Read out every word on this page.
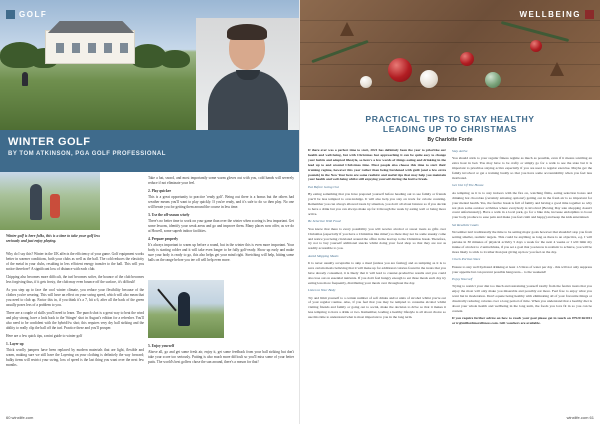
GOLF
WINTER GOLF
BY TOM ATKINSON, PGA GOLF PROFESSIONAL

Winter golf is here folks, this is a time to take your golf less seriously and just enjoy playing.

Why do I say this? Winter in the UK affects the efficiency of your game. Golf equipment works better in warmer conditions, both your clubs as well as the ball. The cold reduces the elasticity of the metal in your clubs, resulting in less efficient energy transfer to the ball. This will you notice therefore? A significant loss of distance with each club.

Chipping also becomes more difficult, the turf becomes softer, the bounce of the club becomes less forgiving thus, if it gets frosty, the club may even bounce off the surface, it's difficult!

As you step up to face the cool winter climate, you reduce your flexibility because of the clothes you're wearing. This will have an effect on your swing speed, which will also mean that you need to club up. Factor this in, if you think it's a 7, hit a 6, after all the back of the green usually poses less of a problem to you.

There are a couple of skills you'll need to learn. The punch shot is a great way to beat the wind and play strong, have a look back to the 'Stinger' shot in August's edition for a refresher. You'll also need to be confident with the hybrid/fw shot; this requires very dry ball striking and the ability to really clip the ball off the turf. Practice these and you'll prosper.

Here are a few quick tips, a mini guide to winter golf

1. Layer up

Thick woolly jumpers have been replaced by modern materials that are light, flexible and warm, making sure we still have the Layering on your clothing is definitely the way forward; bulky items will restrict your swing, loss of speed is the last thing you want over the next few months.

Take a hat, snood, and most importantly some warm gloves out with you, cold hands will severely reduce if not eliminate your feel.

2. Play quicker

This is a great opportunity to practice 'ready golf'. Being out there is a bonus but the others had weather means you'll want to play quickly. If you're ready, and it's safe to do so then play. No one will berate you for getting them around the course in less time.

3. Use the off-season wisely

There's no better time to work on your game than over the winter when scoring is less important. Get some lessons, identify your weak areas and go and improve them. Many places now offer, as we do at Howell, some superb indoor facilities.

4. Prepare properly

It's always important to warm up before a round, but in the winter this is even more important. Your body is starting colder and it will take even longer to be fully golf-ready. Show up early and make sure your body is ready to go, this also helps get your mind right. Stretching will help, hitting some balls on the range before you tee off will help even more.

5. Enjoy yourself

Above all, go and get some fresh air, enjoy it, get some feedback from your ball striking but don't take your score too seriously. Putting is also much more difficult so you'll miss some of your better putts. The world's best golfers chose the sun around, there's a reason for that!

60 winxlife.com
WELLBEING
PRACTICAL TIPS TO STAY HEALTHY
LEADING UP TO CHRISTMAS
By Charlotte Forde

If there ever was a perfect time to start, 2021 has definitely been the year to prioritise our health and well-being, but with Christmas fast approaching it can be quite easy to change your habits and adopted lifestyle, so here's a few words of things eating and drinking in the lead up to and around Christmas time. Most people also choose this time to start their training regime, however this year rather than being burdened with guilt (and a few extra pounds) in the New Year here are some realistic and useful tips that may help you maintain your health and well-being whilst still enjoying yourself during the festive break.

Eat Before Going Out

By eating something that you have prepared yourself before heading out to see family or friends you'll be less tempted to over-indulge. It will also help you stay on track for calorie counting. Remember you can always allowed treats by situation, you don't all about balance so if you decide to have a drink but you can always make up for it through the week by eating well or being more active.

Be Selective With Food

You know that there is every possibility you will receive alcohol or sweet treats as gifts over Christmas (especially if you have a Christmas like mine!) so there may not be some sneaky come and notice you being circulated around the office in the lead up to the Christmas break. Therefore, try not to buy yourself additional snacks whilst doing your food shop so that they are not as readily accessible to you.

Avoid Skipping Meals

It is never usually acceptable to skip a meal (unless you are fasting) and as tempting as it is to save certain meals believing that it will make up for additional calories found in the treats that you have already consumed, it is likely that it will lead to counter-productive results and you could also lose out on essential nutrients. If you don't feel hungry enough to eat three meals each day try eating less more frequently, distributing your meals over throughout the day.

Listen to Your Body

Try and limit yourself to a certain number of soft drinks and/or units of alcohol whilst you're out of your regular routine. Also, if you feel that you may be tempted to consume alcohol whilst visiting friends and family or going out to social, make the decision to drive so that it makes it less tempting to have a drink or two. Remember, leading a healthy lifestyle is all about choice so use this time to understand what is most important to you in the long term.

Stay Active

You should stick to your regular fitness regime as much as possible, even if it means scuttling an extra hour in bed. You may have to be crafty or simply go for a walk to see the state but it is important to prioritise staying active especially if you are used to regular exercise. Maybe get the family involved or get a training buddy so that you have some accountability when you feel less motivated.

Get Out Of The House

As tempting as it is to stay indoors with the fire on, watching films, eating selection boxes and drinking hot chocolate (certainly amazing options!) getting out in the fresh air is so important for your mental health. Yes, the festive break is full of family and having a good time together so why not plan some outdoor activities where everybody is involved (Boxing Day sale shopping doesn't count unfortunately). Have a walk in a local park, go for a bike ride, increase endorphins to boost your body produce to ease pain and make you feel calm and happy) and keep the kids entertained.

Set Realistic Goals

November isn't traditionally the time to be setting major goals however that shouldn't stop you from setting smaller, realistic targets. This could be anything as long as there is an objective, e.g. I will partake in 30 minutes of physical activity 5 days a week for the next 4 weeks or I will limit my intake of alcohol to 2 units/drinks, if you set a goal that you know is realistic to achieve, you will be more likely to stick to it rather than just giving up how you feel on the day.

Check Portion Sizes

Ensure to stay well hydrated drinking at least 1.5 litres of water per day - this will not only suppress your appetite but can prevent possible hangovers... to the weekend!

Enjoy Yourself

Trying to restrict your diet too much and restraining yourself totally from the festive treats that you enjoy the most will only make you miserable and possibly eat more. Feel free to enjoy what you want but in moderation. Don't equate being healthy with eliminating all of your favourite things or drastically reducing calories over a long period of time. When you understand that a healthy diet is about your whole health and wellbeing in the long term, the foods you love fit in so you can be content.

If you require further advice on how to reach your goal please get in touch on 07920 663011 or tr@milfordmorefitness.com. Gift vouchers are available.

winxlife.com 61
